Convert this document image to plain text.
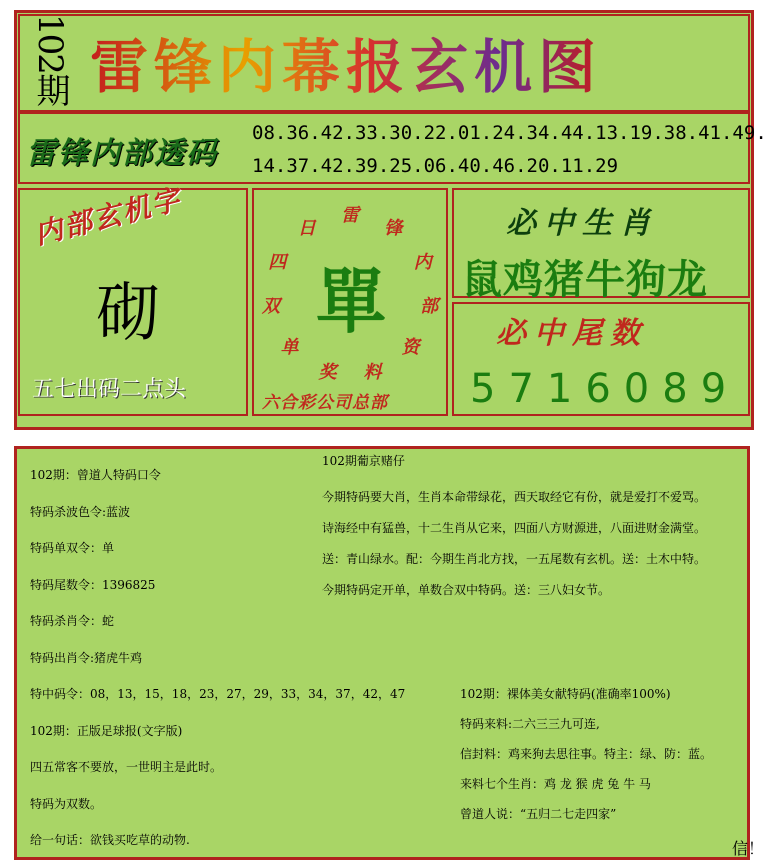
102期 雷锋内幕报玄机图
雷锋内部透码
08.36.42.33.30.22.01.24.34.44.13.19.38.41.49.
14.37.42.39.25.06.40.46.20.11.29
内部玄机字
砌
五七出码二点头
單
雷
锋
内
部
资
料
奖
单
双
四
日
六合彩公司总部
必中生肖
鼠鸡猪牛狗龙
必中尾数
5716089
102期葡京赌仔
102期：曾道人特码口令
特码杀波色令:蓝波
特码单双令：单
特码尾数令：1396825
特码杀肖令：蛇
特码出肖令:猪虎牛鸡
特中码令：08，13，15，18，23，27，29，33，34，37，42，47
102期：正版足球报(文字版)
四五常客不要放，一世明主是此时。
特码为双数。
给一句话：欲钱买吃草的动物.
今期特码要大肖，生肖本命带绿花，西天取经它有份，就是爱打不爱骂。
诗海经中有猛兽，十二生肖从它来，四面八方财源进，八面进财金满堂。
送：青山绿水。配：今期生肖北方找，一五尾数有玄机。送：土木中特。
今期特码定开单，单数合双中特码。送：三八妇女节。
102期：裸体美女献特码(准确率100%)
特码来料:二六三三九可连,
信封料：鸡来狗去思往事。特主：绿、防：蓝。
来料七个生肖：鸡 龙 猴 虎 兔 牛 马
曾道人说：“五归二七走四家”
信！
